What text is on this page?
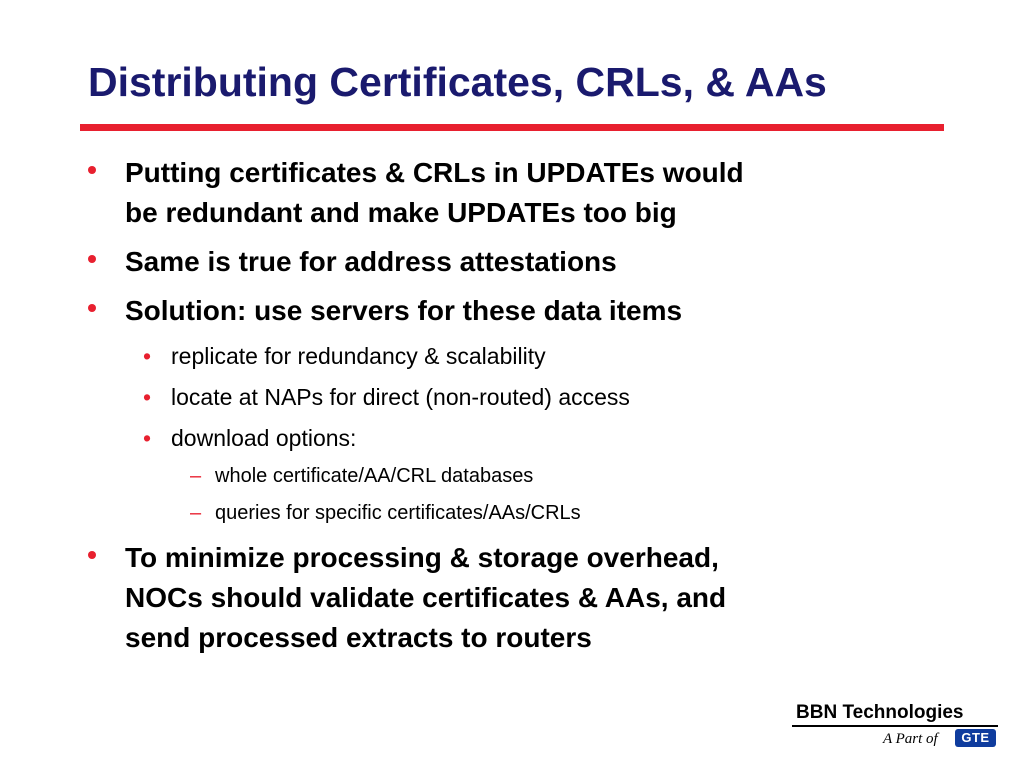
Distributing Certificates, CRLs, & AAs
Putting certificates & CRLs in UPDATEs would
be redundant and make UPDATEs too big
Same is true for address attestations
Solution: use servers for these data items
• replicate for redundancy & scalability
• locate at NAPs for direct (non-routed) access
• download options:
– whole certificate/AA/CRL databases
– queries for specific certificates/AAs/CRLs
To minimize processing & storage overhead,
NOCs should validate certificates & AAs, and
send processed extracts to routers
BBN Technologies
A Part of	GTE
